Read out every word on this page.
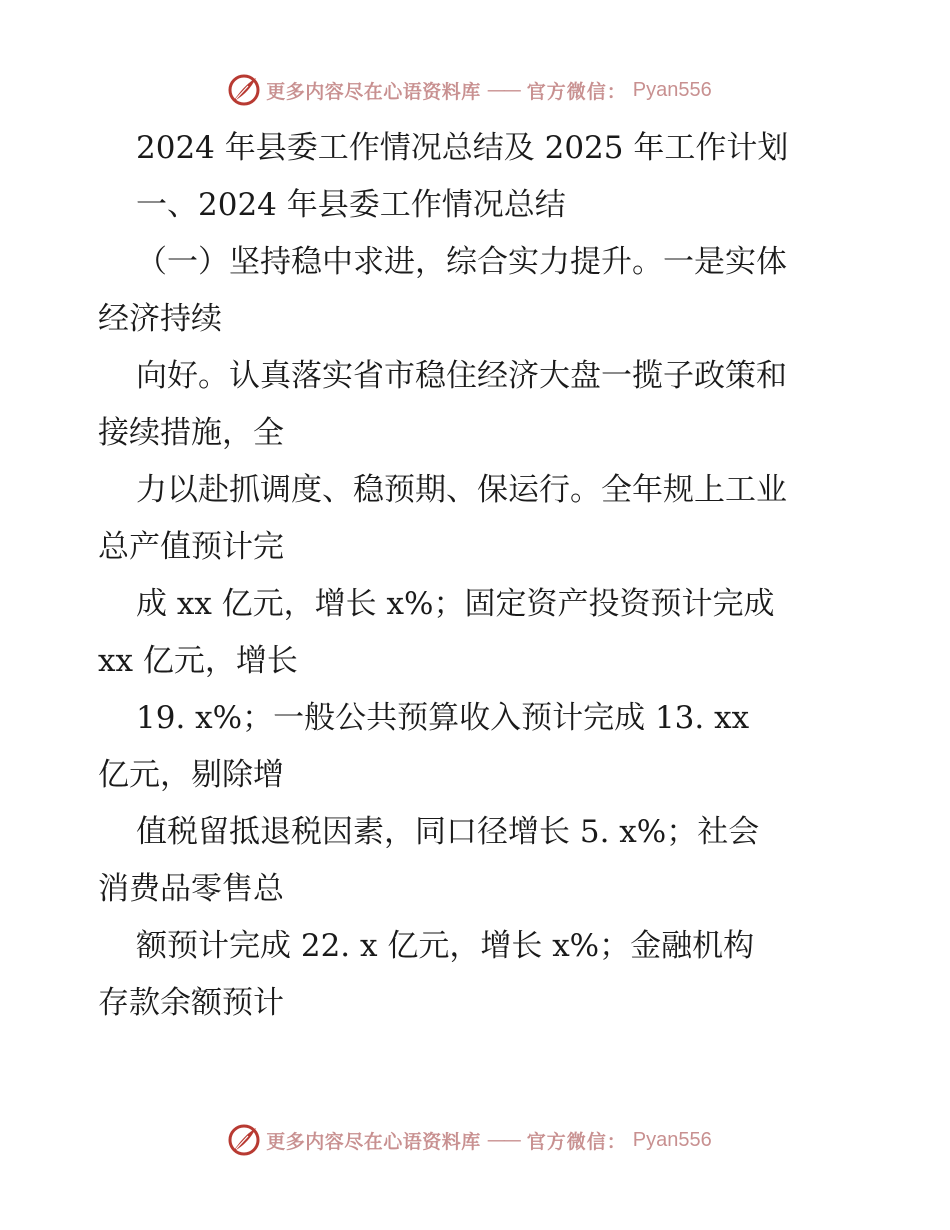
更多内容尽在心语资料库 —— 官方微信： Pyan556
2024 年县委工作情况总结及 2025 年工作计划
一、2024 年县委工作情况总结
（一）坚持稳中求进，综合实力提升。一是实体
经济持续
向好。认真落实省市稳住经济大盘一揽子政策和
接续措施，全
力以赴抓调度、稳预期、保运行。全年规上工业
总产值预计完
成 xx 亿元，增长 x%；固定资产投资预计完成
xx 亿元，增长
19. x%；一般公共预算收入预计完成 13. xx
亿元，剔除增
值税留抵退税因素，同口径增长 5. x%；社会
消费品零售总
额预计完成 22. x 亿元，增长 x%；金融机构
存款余额预计
更多内容尽在心语资料库 —— 官方微信： Pyan556
